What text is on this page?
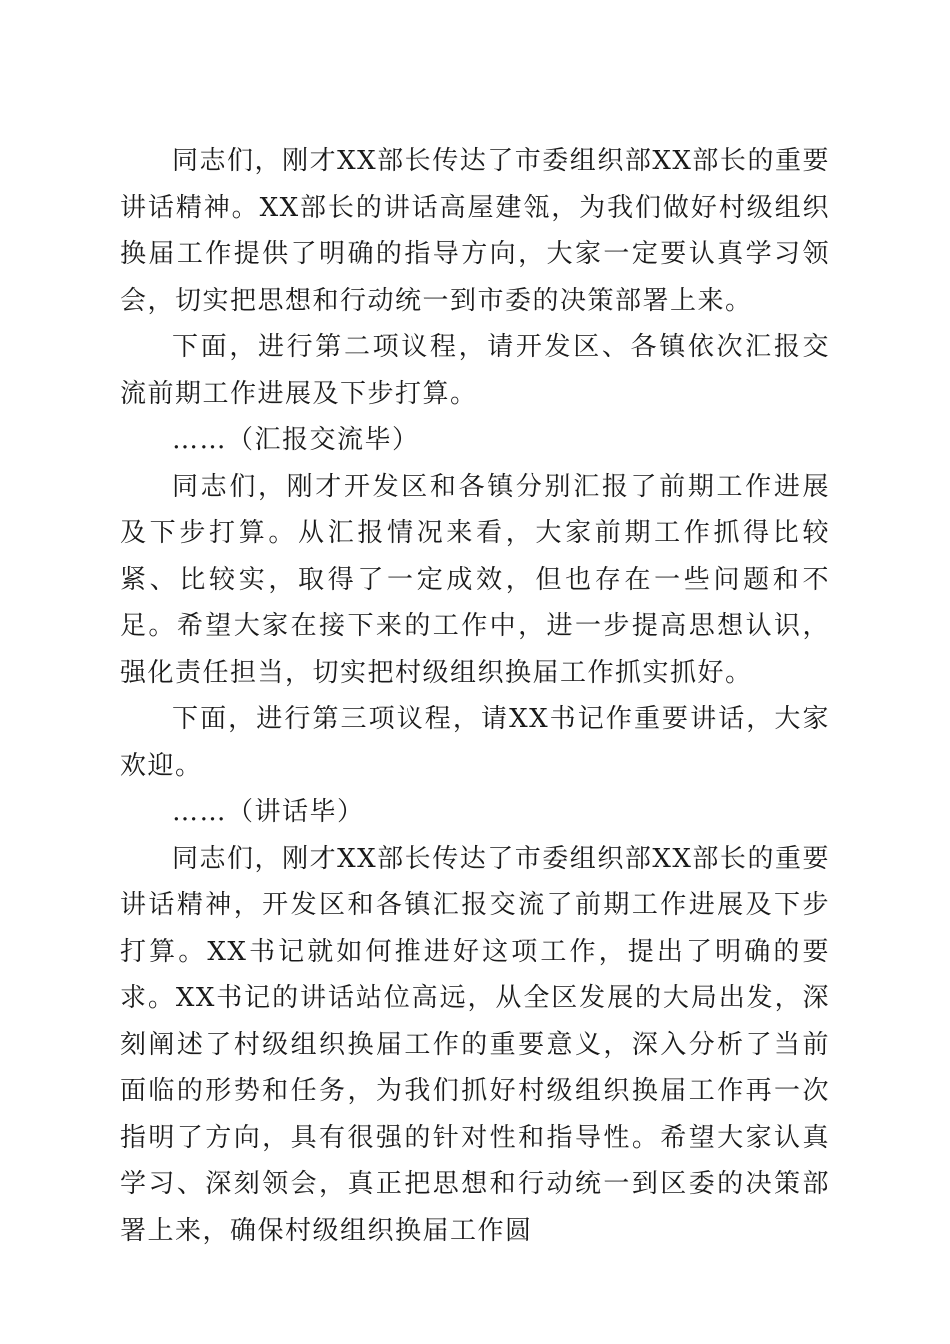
同志们，刚才XX部长传达了市委组织部XX部长的重要讲话精神。XX部长的讲话高屋建瓴，为我们做好村级组织换届工作提供了明确的指导方向，大家一定要认真学习领会，切实把思想和行动统一到市委的决策部署上来。

下面，进行第二项议程，请开发区、各镇依次汇报交流前期工作进展及下步打算。

……（汇报交流毕）

同志们，刚才开发区和各镇分别汇报了前期工作进展及下步打算。从汇报情况来看，大家前期工作抓得比较紧、比较实，取得了一定成效，但也存在一些问题和不足。希望大家在接下来的工作中，进一步提高思想认识，强化责任担当，切实把村级组织换届工作抓实抓好。

下面，进行第三项议程，请XX书记作重要讲话，大家欢迎。

……（讲话毕）

同志们，刚才XX部长传达了市委组织部XX部长的重要讲话精神，开发区和各镇汇报交流了前期工作进展及下步打算。XX书记就如何推进好这项工作，提出了明确的要求。XX书记的讲话站位高远，从全区发展的大局出发，深刻阐述了村级组织换届工作的重要意义，深入分析了当前面临的形势和任务，为我们抓好村级组织换届工作再一次指明了方向，具有很强的针对性和指导性。希望大家认真学习、深刻领会，真正把思想和行动统一到区委的决策部署上来，确保村级组织换届工作圆
